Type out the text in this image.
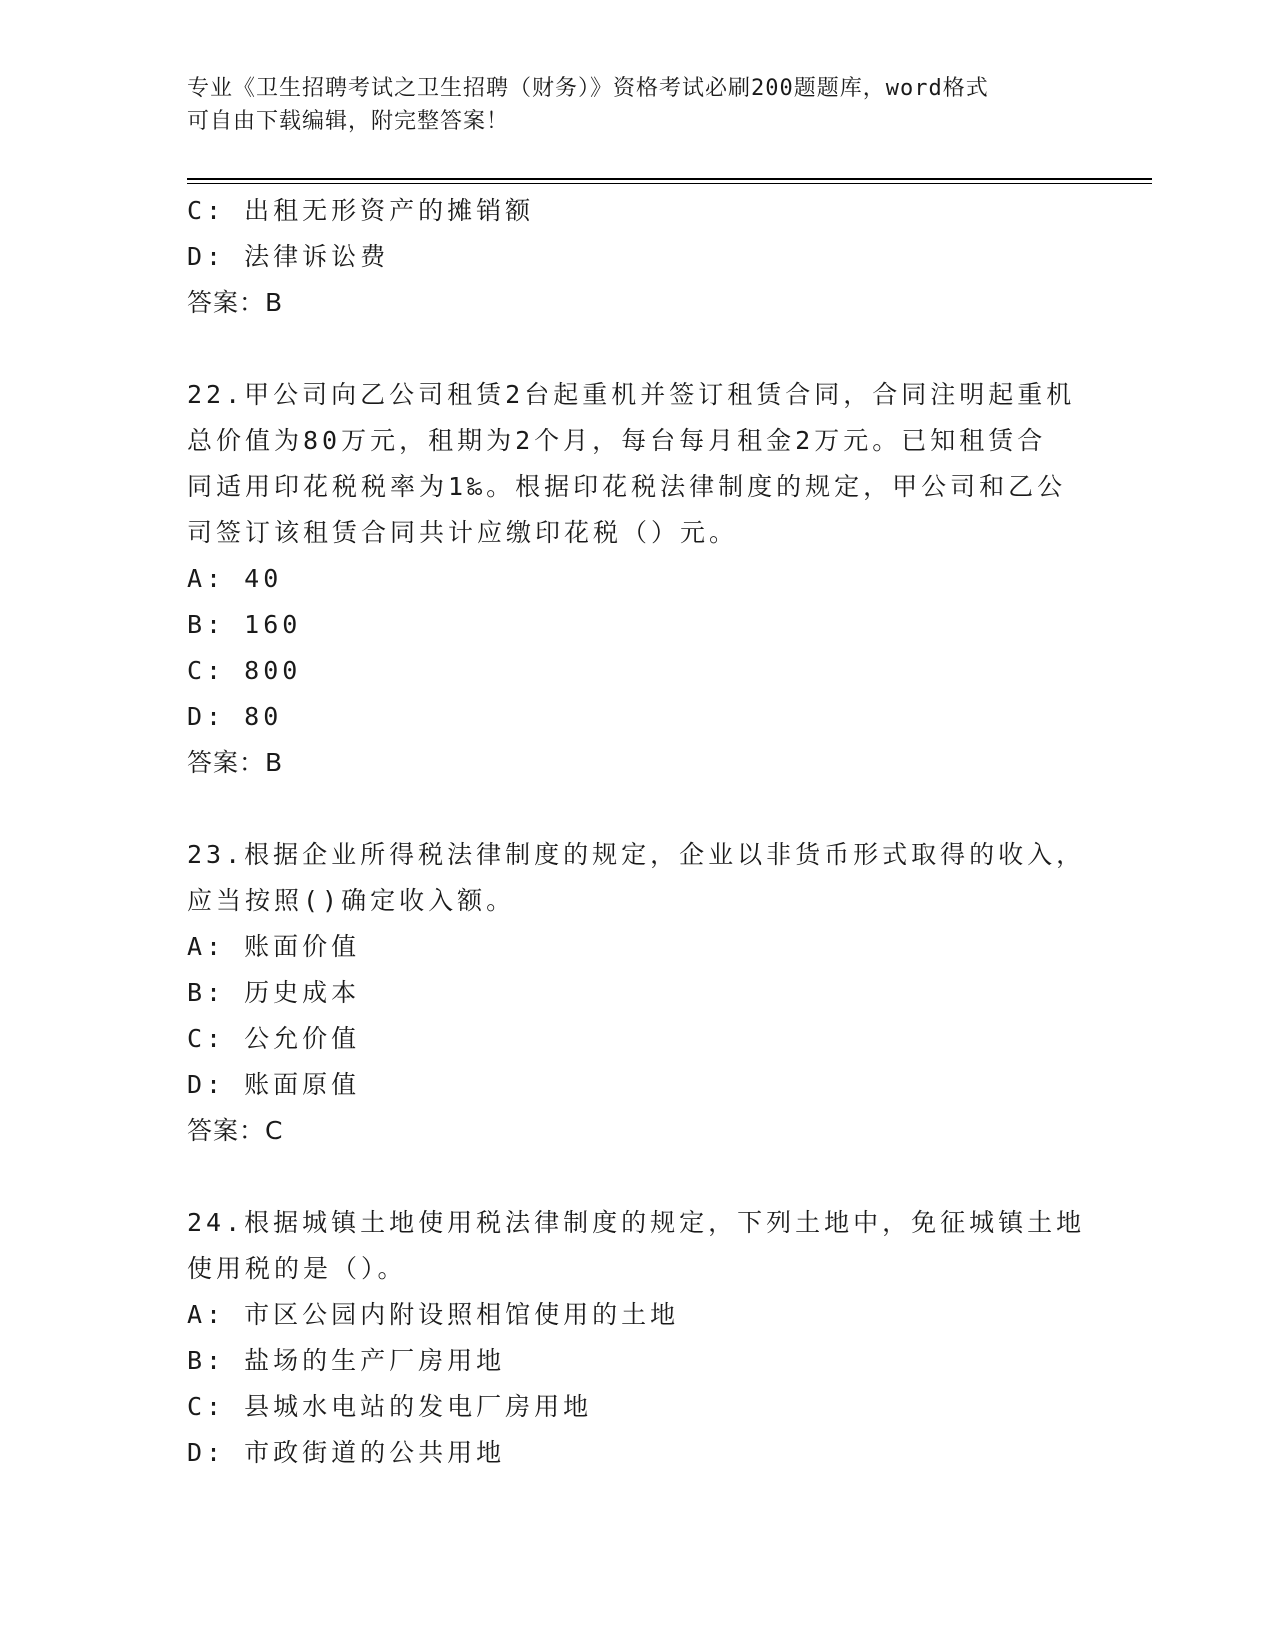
专业《卫生招聘考试之卫生招聘（财务）》资格考试必刷200题题库，word格式
可自由下载编辑，附完整答案！
C: 出租无形资产的摊销额
D: 法律诉讼费
答案：B
22.甲公司向乙公司租赁2台起重机并签订租赁合同，合同注明起重机
总价值为80万元，租期为2个月，每台每月租金2万元。已知租赁合
同适用印花税税率为1‰。根据印花税法律制度的规定，甲公司和乙公
司签订该租赁合同共计应缴印花税（）元。
A: 40
B: 160
C: 800
D: 80
答案：B
23.根据企业所得税法律制度的规定，企业以非货币形式取得的收入，
应当按照()确定收入额。
A: 账面价值
B: 历史成本
C: 公允价值
D: 账面原值
答案：C
24.根据城镇土地使用税法律制度的规定，下列土地中，免征城镇土地
使用税的是（）。
A: 市区公园内附设照相馆使用的土地
B: 盐场的生产厂房用地
C: 县城水电站的发电厂房用地
D: 市政街道的公共用地
